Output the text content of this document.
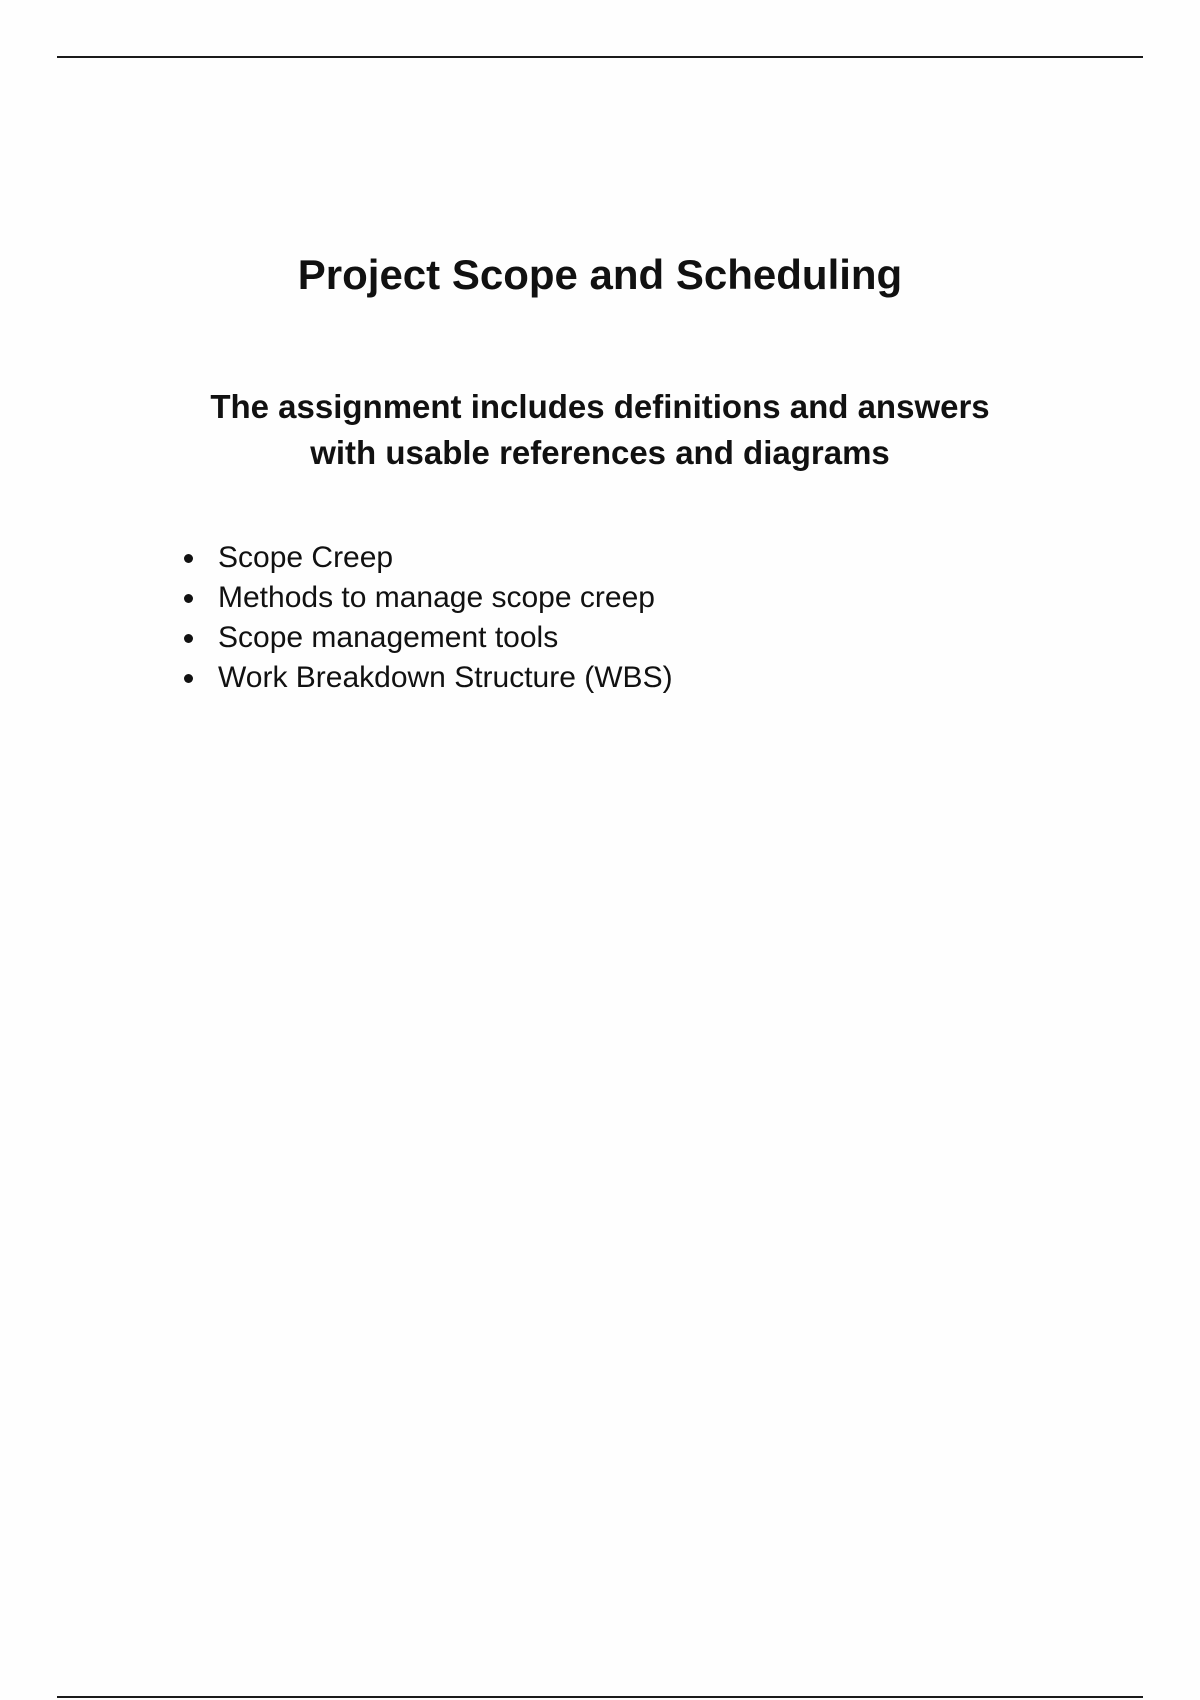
Project Scope and Scheduling
The assignment includes definitions and answers
with usable references and diagrams
Scope Creep
Methods to manage scope creep
Scope management tools
Work Breakdown Structure (WBS)
